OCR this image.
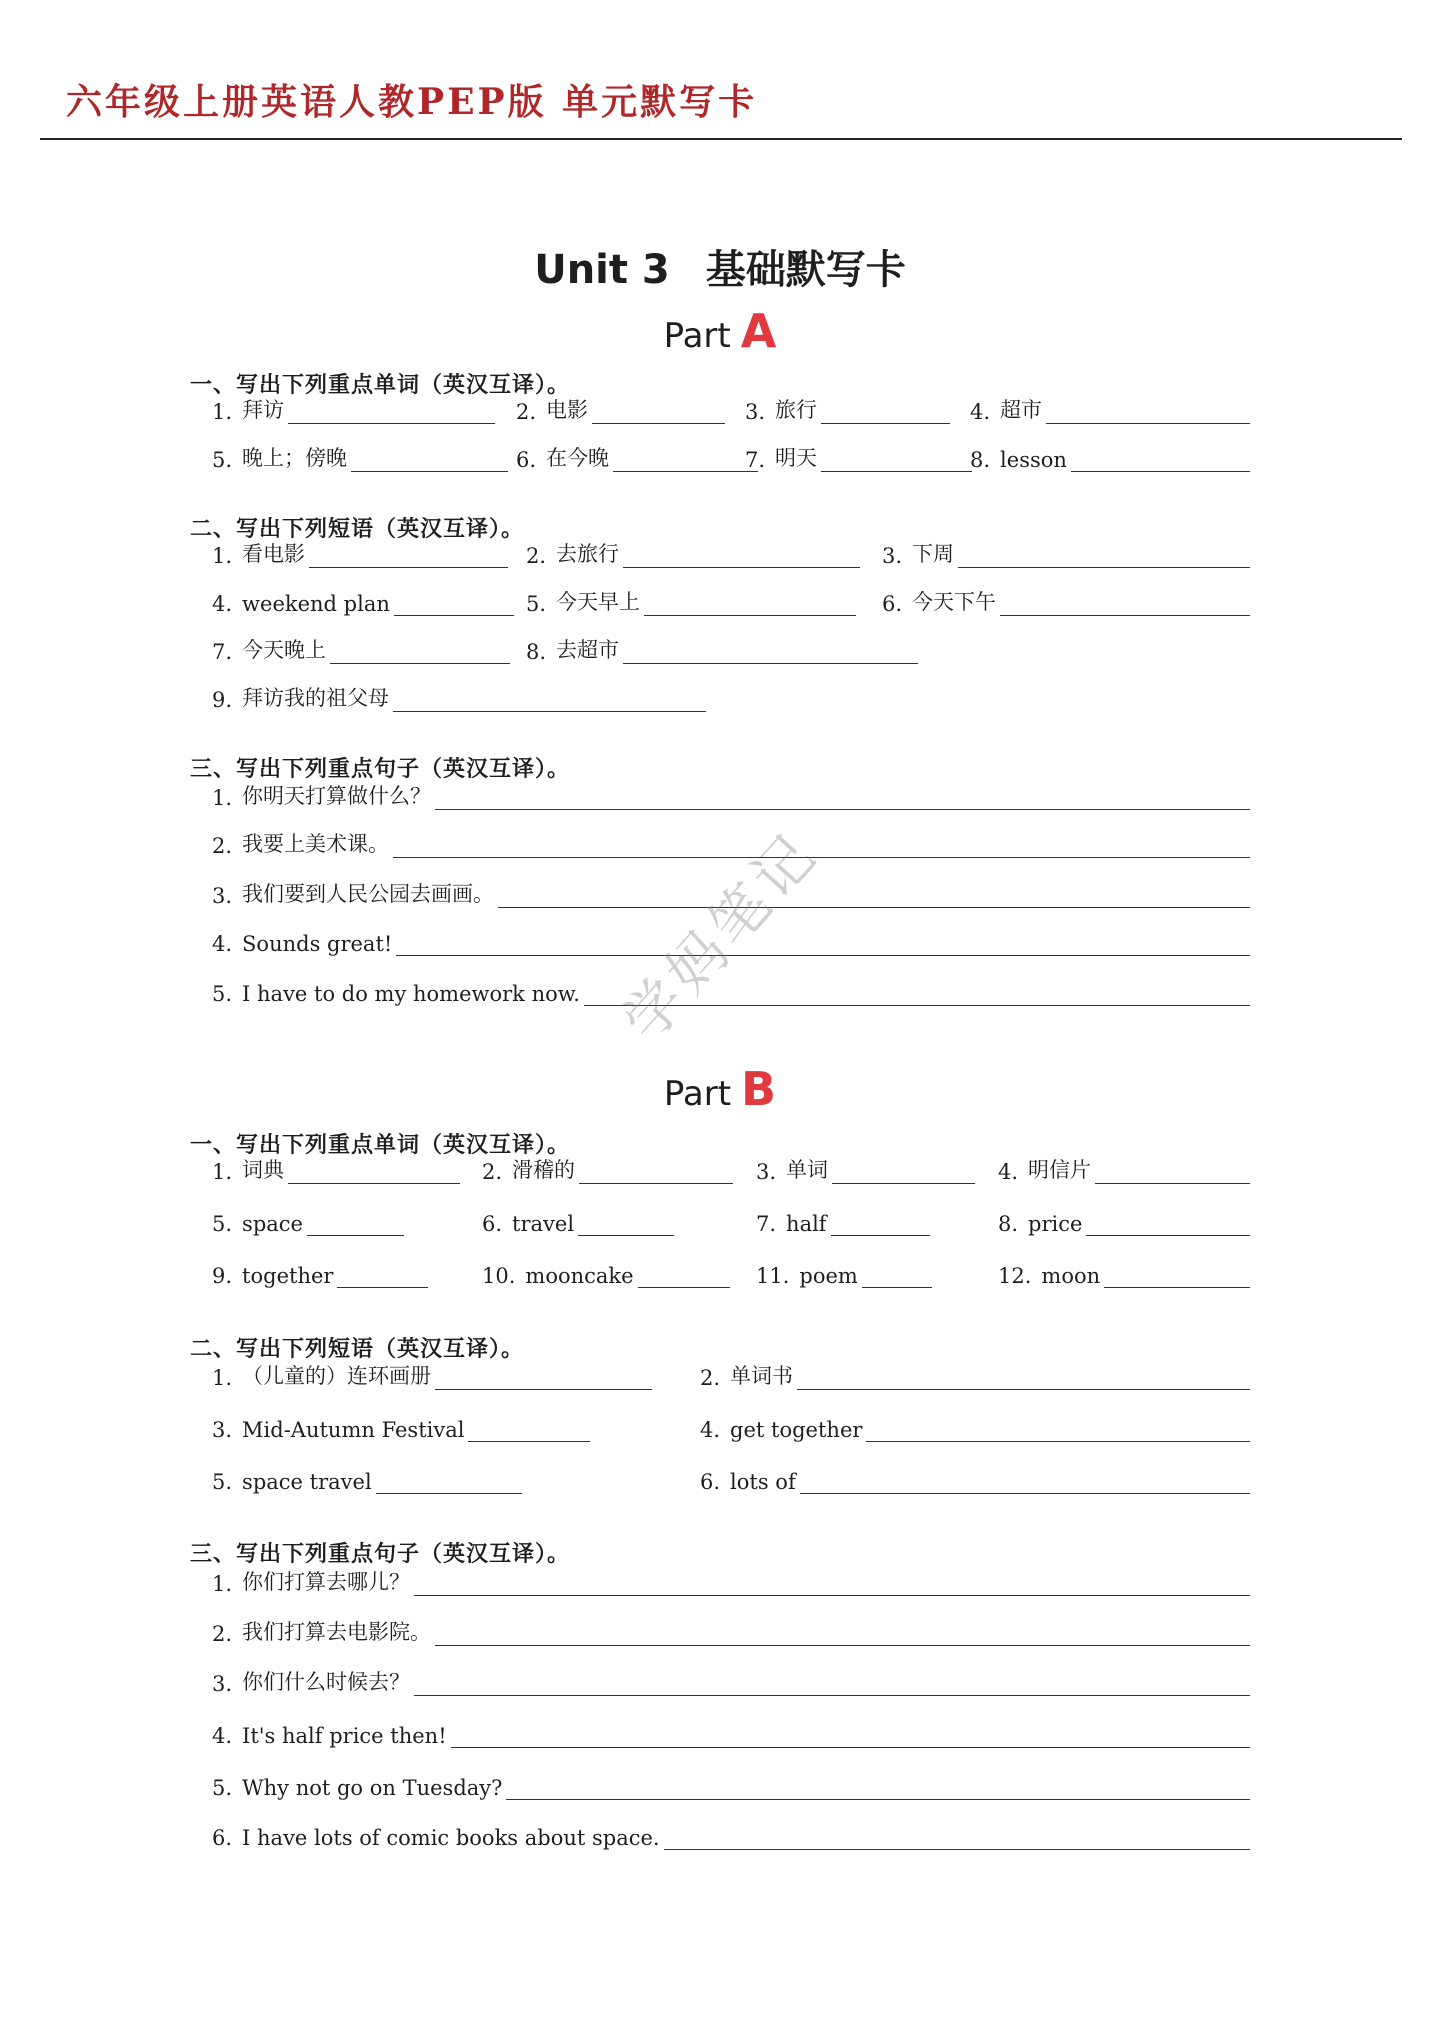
六年级上册英语人教PEP版 单元默写卡
Unit 3 基础默写卡
Part A
一、写出下列重点单词（英汉互译）。
二、写出下列短语（英汉互译）。
三、写出下列重点句子（英汉互译）。
Part B
一、写出下列重点单词（英汉互译）。
二、写出下列短语（英汉互译）。
三、写出下列重点句子（英汉互译）。
1. 拜访	2. 电影	3. 旅行	4. 超市
5. 晚上；傍晚	6. 在今晚	7. 明天	8. lesson
1. 看电影	2. 去旅行	3. 下周
4. weekend plan	5. 今天早上	6. 今天下午
7. 今天晚上	8. 去超市
9. 拜访我的祖父母
1. 你明天打算做什么？
2. 我要上美术课。
3. 我们要到人民公园去画画。
4. Sounds great!
5. I have to do my homework now.
1. 词典	2. 滑稽的	3. 单词	4. 明信片
5. space	6. travel	7. half	8. price
9. together	10. mooncake	11. poem	12. moon
1. （儿童的）连环画册	2. 单词书
3. Mid-Autumn Festival	4. get together
5. space travel	6. lots of
1. 你们打算去哪儿？
2. 我们打算去电影院。
3. 你们什么时候去？
4. It's half price then!
5. Why not go on Tuesday?
6. I have lots of comic books about space.
学妈笔记
